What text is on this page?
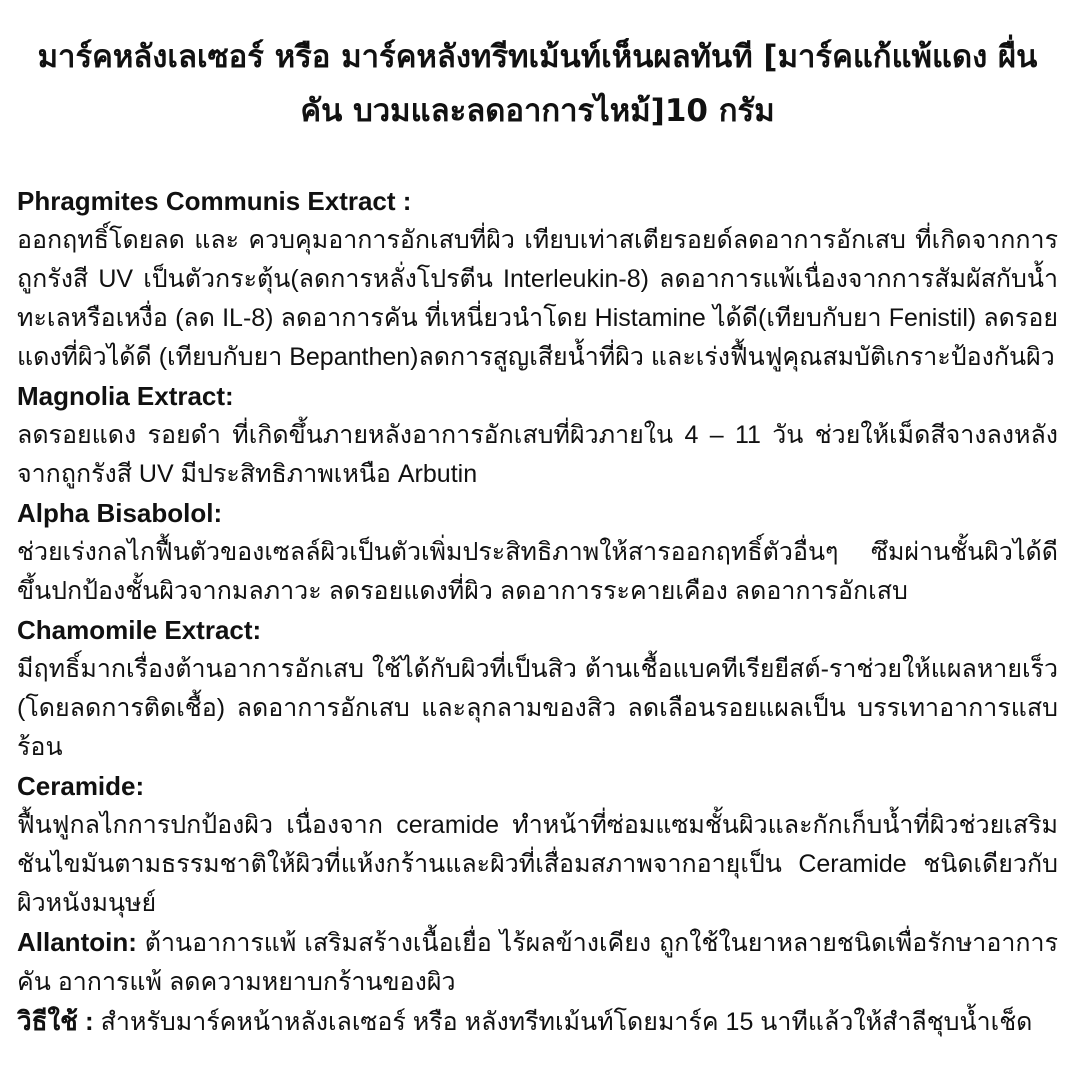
มาร์คหลังเลเซอร์ หรือ มาร์คหลังทรีทเม้นท์เห็นผลทันที [มาร์คแก้แพ้แดง ผื่น คัน บวมและลดอาการไหม้]10 กรัม

Phragmites Communis Extract :

ออกฤทธิ์โดยลด และ ควบคุมอาการอักเสบที่ผิว เทียบเท่าสเตียรอยด์ลดอาการอักเสบ ที่เกิดจากการถูกรังสี UV เป็นตัวกระตุ้น(ลดการหลั่งโปรตีน Interleukin-8) ลดอาการแพ้เนื่องจากการสัมผัสกับน้ำทะเลหรือเหงื่อ (ลด IL-8) ลดอาการคัน ที่เหนี่ยวนำโดย Histamine ได้ดี(เทียบกับยา Fenistil) ลดรอยแดงที่ผิวได้ดี (เทียบกับยา Bepanthen)ลดการสูญเสียน้ำที่ผิว และเร่งฟื้นฟูคุณสมบัติเกราะป้องกันผิว

Magnolia Extract:

ลดรอยแดง รอยดำ ที่เกิดขึ้นภายหลังอาการอักเสบที่ผิวภายใน 4 – 11 วัน ช่วยให้เม็ดสีจางลงหลังจากถูกรังสี UV มีประสิทธิภาพเหนือ Arbutin

Alpha Bisabolol:

ช่วยเร่งกลไกฟื้นตัวของเซลล์ผิวเป็นตัวเพิ่มประสิทธิภาพให้สารออกฤทธิ์ตัวอื่นๆ ซึมผ่านชั้นผิวได้ดีขึ้นปกป้องชั้นผิวจากมลภาวะ ลดรอยแดงที่ผิว ลดอาการระคายเคือง ลดอาการอักเสบ

Chamomile Extract:

มีฤทธิ์มากเรื่องต้านอาการอักเสบ ใช้ได้กับผิวที่เป็นสิว ต้านเชื้อแบคทีเรียยีสต์-ราช่วยให้แผลหายเร็ว (โดยลดการติดเชื้อ) ลดอาการอักเสบ และลุกลามของสิว ลดเลือนรอยแผลเป็น บรรเทาอาการแสบร้อน

Ceramide:

ฟื้นฟูกลไกการปกป้องผิว เนื่องจาก ceramide ทำหน้าที่ซ่อมแซมชั้นผิวและกักเก็บน้ำที่ผิวช่วยเสริมชันไขมันตามธรรมชาติให้ผิวที่แห้งกร้านและผิวที่เสื่อมสภาพจากอายุเป็น Ceramide ชนิดเดียวกับผิวหนังมนุษย์

Allantoin: ต้านอาการแพ้ เสริมสร้างเนื้อเยื่อ ไร้ผลข้างเคียง ถูกใช้ในยาหลายชนิดเพื่อรักษาอาการคัน อาการแพ้ ลดความหยาบกร้านของผิว

วิธีใช้ : สำหรับมาร์คหน้าหลังเลเซอร์ หรือ หลังทรีทเม้นท์โดยมาร์ค 15 นาทีแล้วให้สำลีชุบน้ำเช็ด
